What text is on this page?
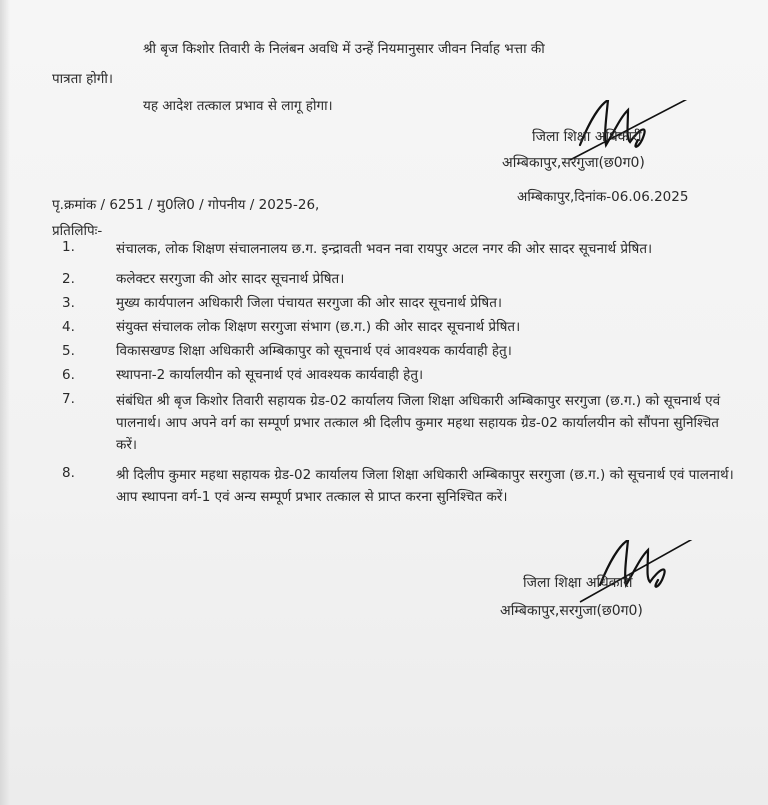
श्री बृज किशोर तिवारी के निलंबन अवधि में उन्हें नियमानुसार जीवन निर्वाह भत्ता की
पात्रता होगी।
यह आदेश तत्काल प्रभाव से लागू होगा।
जिला शिक्षा अधिकारी
अम्बिकापुर,सरगुजा(छ0ग0)
अम्बिकापुर,दिनांक-06.06.2025
पृ.क्रमांक / 6251 / मु0लि0 / गोपनीय / 2025-26,
प्रतिलिपिः-
1.	संचालक, लोक शिक्षण संचालनालय छ.ग. इन्द्रावती भवन नवा रायपुर अटल नगर की ओर सादर सूचनार्थ प्रेषित।
2.	कलेक्टर सरगुजा की ओर सादर सूचनार्थ प्रेषित।
3.	मुख्य कार्यपालन अधिकारी जिला पंचायत सरगुजा की ओर सादर सूचनार्थ प्रेषित।
4.	संयुक्त संचालक लोक शिक्षण सरगुजा संभाग (छ.ग.) की ओर सादर सूचनार्थ प्रेषित।
5.	विकासखण्ड शिक्षा अधिकारी अम्बिकापुर को सूचनार्थ एवं आवश्यक कार्यवाही हेतु।
6.	स्थापना-2 कार्यालयीन को सूचनार्थ एवं आवश्यक कार्यवाही हेतु।
7.	संबंधित श्री बृज किशोर तिवारी सहायक ग्रेड-02 कार्यालय जिला शिक्षा अधिकारी अम्बिकापुर सरगुजा (छ.ग.) को सूचनार्थ एवं पालनार्थ। आप अपने वर्ग का सम्पूर्ण प्रभार तत्काल श्री दिलीप कुमार महथा सहायक ग्रेड-02 कार्यालयीन को सौंपना सुनिश्चित करें।
8.	श्री दिलीप कुमार महथा सहायक ग्रेड-02 कार्यालय जिला शिक्षा अधिकारी अम्बिकापुर सरगुजा (छ.ग.) को सूचनार्थ एवं पालनार्थ। आप स्थापना वर्ग-1 एवं अन्य सम्पूर्ण प्रभार तत्काल से प्राप्त करना सुनिश्चित करें।
जिला शिक्षा अधिकारी
अम्बिकापुर,सरगुजा(छ0ग0)
